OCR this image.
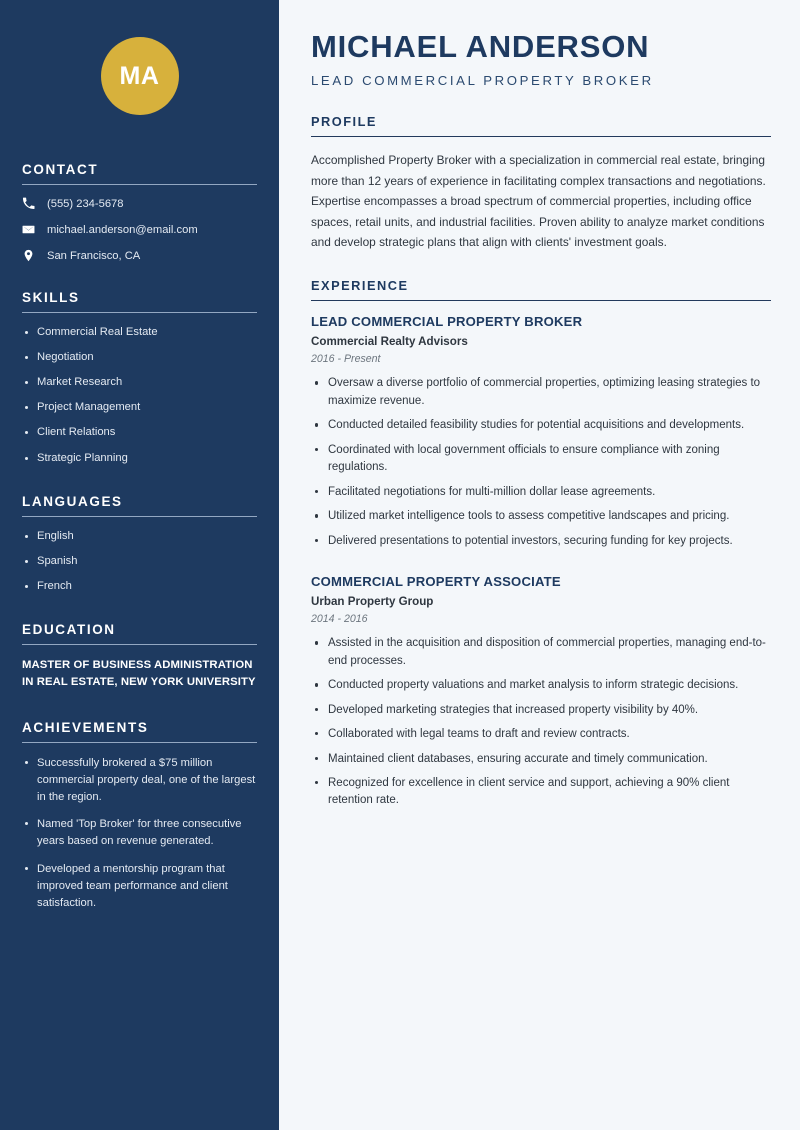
MA
CONTACT
(555) 234-5678
michael.anderson@email.com
San Francisco, CA
SKILLS
Commercial Real Estate
Negotiation
Market Research
Project Management
Client Relations
Strategic Planning
LANGUAGES
English
Spanish
French
EDUCATION
MASTER OF BUSINESS ADMINISTRATION IN REAL ESTATE, NEW YORK UNIVERSITY
ACHIEVEMENTS
Successfully brokered a $75 million commercial property deal, one of the largest in the region.
Named 'Top Broker' for three consecutive years based on revenue generated.
Developed a mentorship program that improved team performance and client satisfaction.
MICHAEL ANDERSON
LEAD COMMERCIAL PROPERTY BROKER
PROFILE

Accomplished Property Broker with a specialization in commercial real estate, bringing more than 12 years of experience in facilitating complex transactions and negotiations. Expertise encompasses a broad spectrum of commercial properties, including office spaces, retail units, and industrial facilities. Proven ability to analyze market conditions and develop strategic plans that align with clients' investment goals.

EXPERIENCE
LEAD COMMERCIAL PROPERTY BROKER
Commercial Realty Advisors
2016 - Present
Oversaw a diverse portfolio of commercial properties, optimizing leasing strategies to maximize revenue.
Conducted detailed feasibility studies for potential acquisitions and developments.
Coordinated with local government officials to ensure compliance with zoning regulations.
Facilitated negotiations for multi-million dollar lease agreements.
Utilized market intelligence tools to assess competitive landscapes and pricing.
Delivered presentations to potential investors, securing funding for key projects.
COMMERCIAL PROPERTY ASSOCIATE
Urban Property Group
2014 - 2016
Assisted in the acquisition and disposition of commercial properties, managing end-to-end processes.
Conducted property valuations and market analysis to inform strategic decisions.
Developed marketing strategies that increased property visibility by 40%.
Collaborated with legal teams to draft and review contracts.
Maintained client databases, ensuring accurate and timely communication.
Recognized for excellence in client service and support, achieving a 90% client retention rate.
